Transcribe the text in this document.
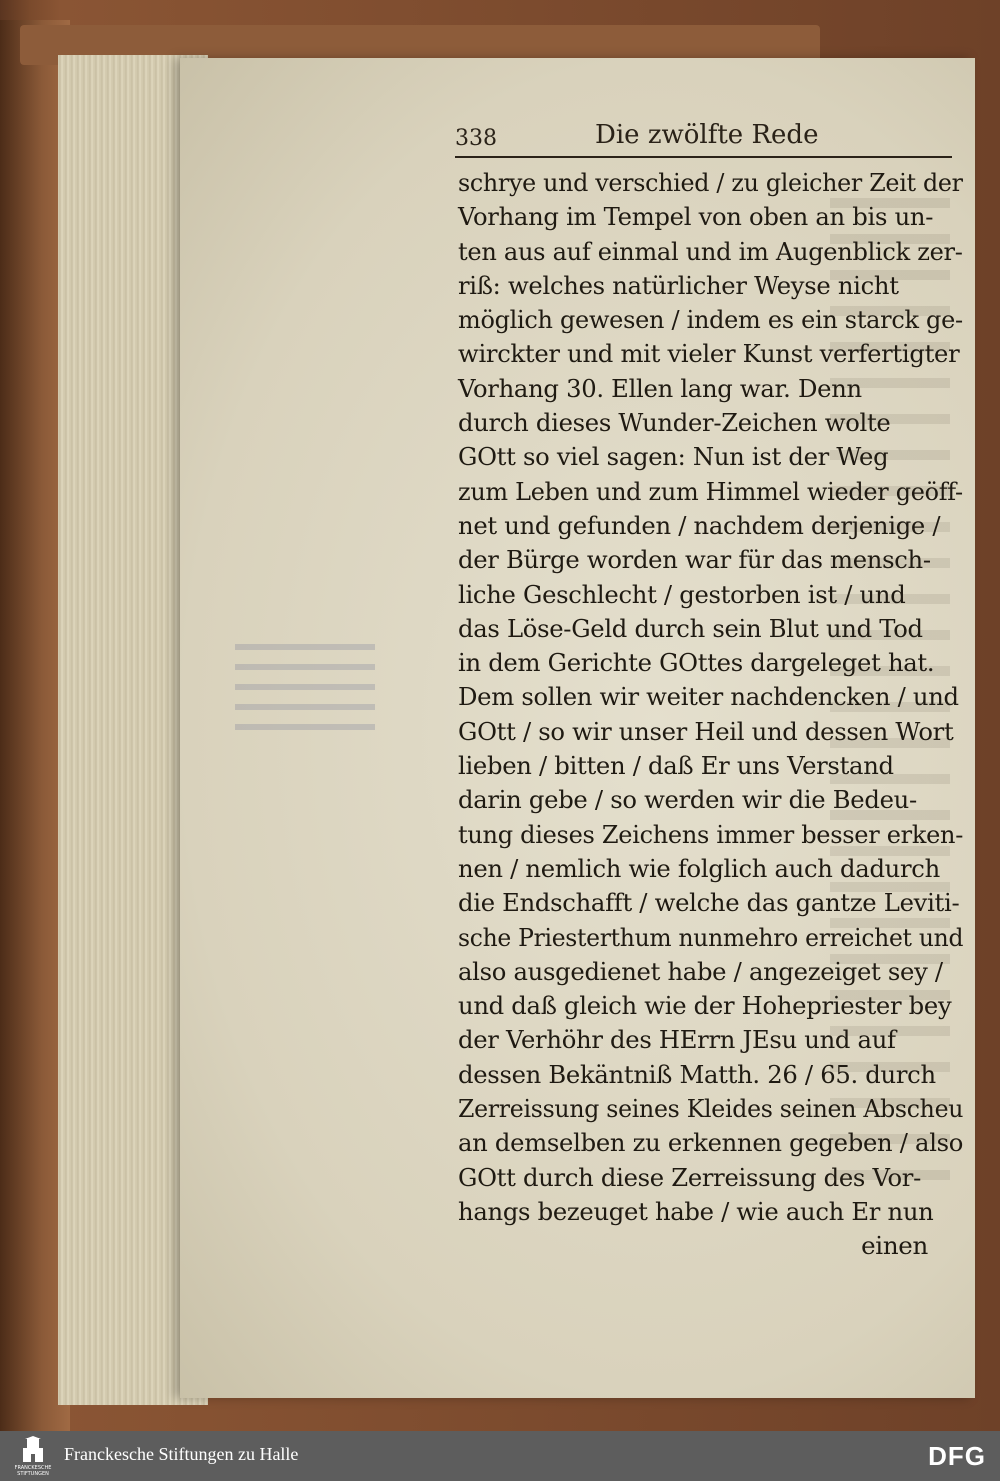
338	Die zwölfte Rede
schrye und verschied / zu gleicher Zeit der
Vorhang im Tempel von oben an bis un-
ten aus auf einmal und im Augenblick zer-
riß: welches natürlicher Weyse nicht
möglich gewesen / indem es ein starck ge-
wirckter und mit vieler Kunst verfertigter
Vorhang 30. Ellen lang war. Denn
durch dieses Wunder-Zeichen wolte
GOtt so viel sagen: Nun ist der Weg
zum Leben und zum Himmel wieder geöff-
net und gefunden / nachdem derjenige /
der Bürge worden war für das mensch-
liche Geschlecht / gestorben ist / und
das Löse-Geld durch sein Blut und Tod
in dem Gerichte GOttes dargeleget hat.
Dem sollen wir weiter nachdencken / und
GOtt / so wir unser Heil und dessen Wort
lieben / bitten / daß Er uns Verstand
darin gebe / so werden wir die Bedeu-
tung dieses Zeichens immer besser erken-
nen / nemlich wie folglich auch dadurch
die Endschafft / welche das gantze Leviti-
sche Priesterthum nunmehro erreichet und
also ausgedienet habe / angezeiget sey /
und daß gleich wie der Hohepriester bey
der Verhöhr des HErrn JEsu und auf
dessen Bekäntniß Matth. 26 / 65. durch
Zerreissung seines Kleides seinen Abscheu
an demselben zu erkennen gegeben / also
GOtt durch diese Zerreissung des Vor-
hangs bezeuget habe / wie auch Er nun
einen
FRANCKESCHE STIFTUNGEN
Franckesche Stiftungen zu Halle	DFG
